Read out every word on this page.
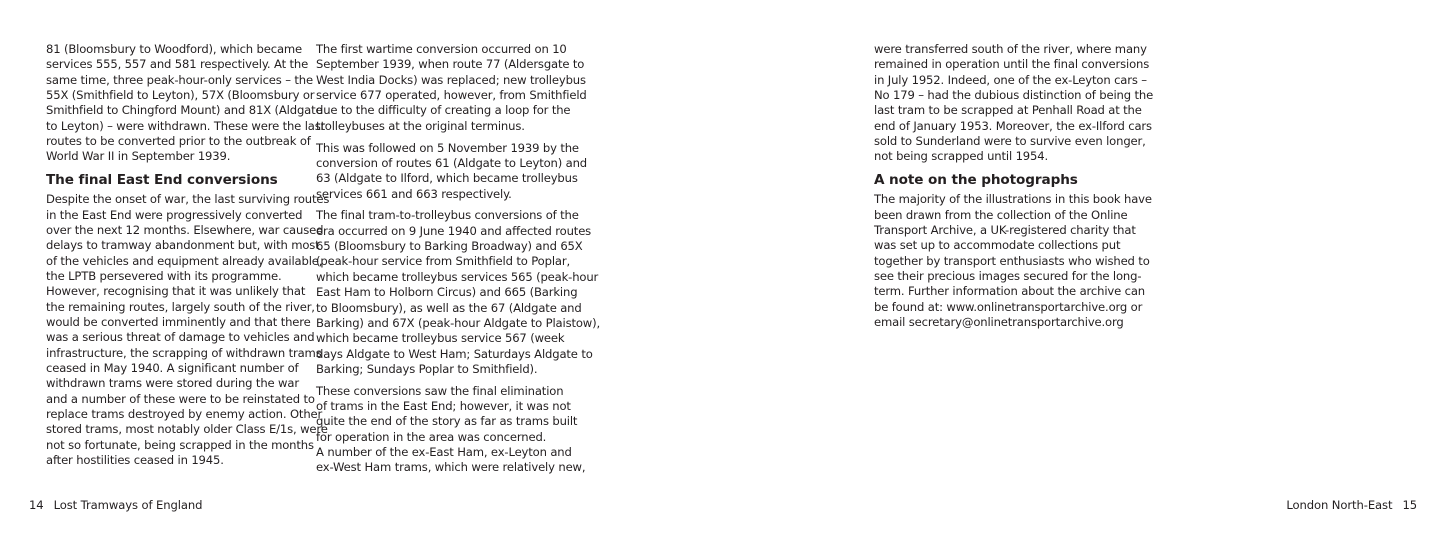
81 (Bloomsbury to Woodford), which became
services 555, 557 and 581 respectively. At the
same time, three peak-hour-only services – the
55X (Smithfield to Leyton), 57X (Bloomsbury or
Smithfield to Chingford Mount) and 81X (Aldgate
to Leyton) – were withdrawn. These were the last
routes to be converted prior to the outbreak of
World War II in September 1939.

The final East End conversions

Despite the onset of war, the last surviving routes
in the East End were progressively converted
over the next 12 months. Elsewhere, war caused
delays to tramway abandonment but, with most
of the vehicles and equipment already available,
the LPTB persevered with its programme.
However, recognising that it was unlikely that
the remaining routes, largely south of the river,
would be converted imminently and that there
was a serious threat of damage to vehicles and
infrastructure, the scrapping of withdrawn trams
ceased in May 1940. A significant number of
withdrawn trams were stored during the war
and a number of these were to be reinstated to
replace trams destroyed by enemy action. Other
stored trams, most notably older Class E/1s, were
not so fortunate, being scrapped in the months
after hostilities ceased in 1945.

The first wartime conversion occurred on 10
September 1939, when route 77 (Aldersgate to
West India Docks) was replaced; new trolleybus
service 677 operated, however, from Smithfield
due to the difficulty of creating a loop for the
trolleybuses at the original terminus.

This was followed on 5 November 1939 by the
conversion of routes 61 (Aldgate to Leyton) and
63 (Aldgate to Ilford, which became trolleybus
services 661 and 663 respectively.

The final tram-to-trolleybus conversions of the
era occurred on 9 June 1940 and affected routes
65 (Bloomsbury to Barking Broadway) and 65X
(peak-hour service from Smithfield to Poplar,
which became trolleybus services 565 (peak-hour
East Ham to Holborn Circus) and 665 (Barking
to Bloomsbury), as well as the 67 (Aldgate and
Barking) and 67X (peak-hour Aldgate to Plaistow),
which became trolleybus service 567 (week
days Aldgate to West Ham; Saturdays Aldgate to
Barking; Sundays Poplar to Smithfield).

These conversions saw the final elimination
of trams in the East End; however, it was not
quite the end of the story as far as trams built
for operation in the area was concerned.
A number of the ex-East Ham, ex-Leyton and
ex-West Ham trams, which were relatively new,

were transferred south of the river, where many
remained in operation until the final conversions
in July 1952. Indeed, one of the ex-Leyton cars –
No 179 – had the dubious distinction of being the
last tram to be scrapped at Penhall Road at the
end of January 1953. Moreover, the ex-Ilford cars
sold to Sunderland were to survive even longer,
not being scrapped until 1954.

A note on the photographs

The majority of the illustrations in this book have
been drawn from the collection of the Online
Transport Archive, a UK-registered charity that
was set up to accommodate collections put
together by transport enthusiasts who wished to
see their precious images secured for the long-
term. Further information about the archive can
be found at: www.onlinetransportarchive.org or
email secretary@onlinetransportarchive.org

14 Lost Tramways of England	London North-East 15
